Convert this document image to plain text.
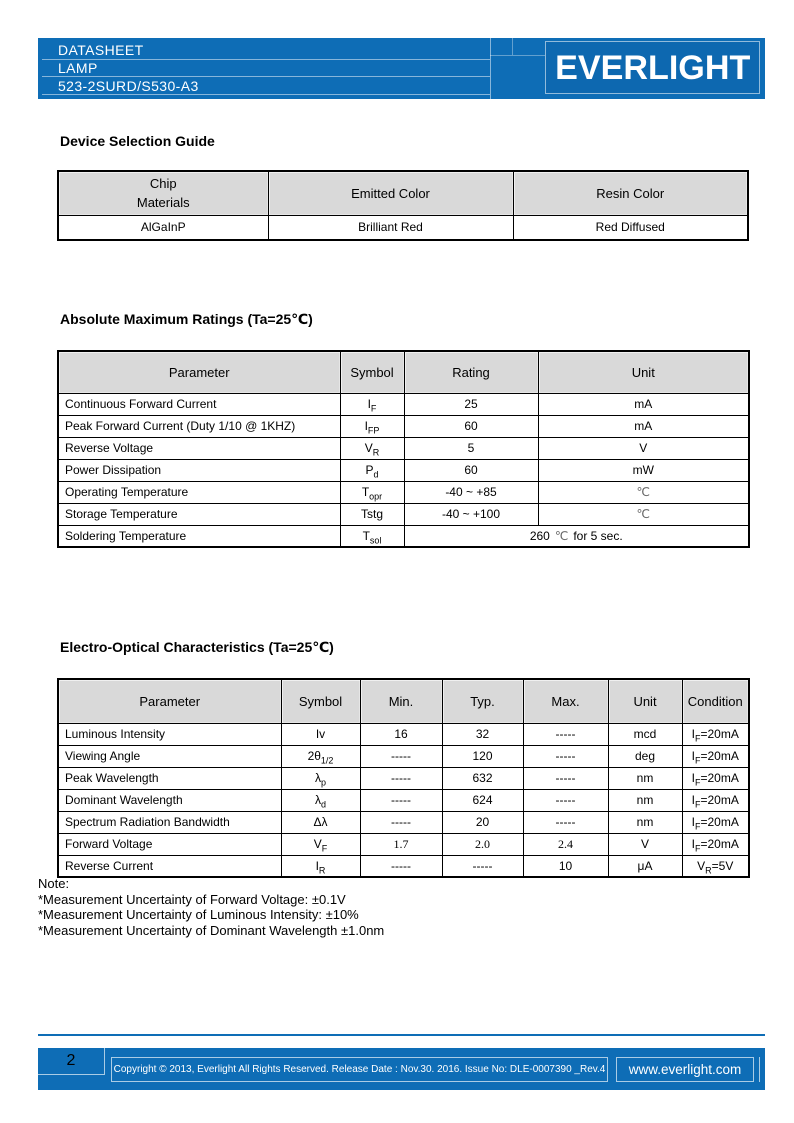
DATASHEET
LAMP
523-2SURD/S530-A3	EVERLIGHT
Device Selection Guide
Chip
Materials	Emitted Color	Resin Color
AlGaInP	Brilliant Red	Red Diffused
Absolute Maximum Ratings (Ta=25℃)
Parameter	Symbol	Rating	Unit
Continuous Forward Current	$I_F$	25	mA
Peak Forward Current (Duty 1/10 @ 1KHZ)	$I_{FP}$	60	mA
Reverse Voltage	$V_R$	5	V
Power Dissipation	$P_d$	60	mW
Operating Temperature	$T_{opr}$	-40 ~ +85	℃
Storage Temperature	Tstg	-40 ~ +100	℃
Soldering Temperature	$T_{sol}$	260 ℃ for 5 sec.	
Electro-Optical Characteristics (Ta=25℃)
Parameter	Symbol	Min.	Typ.	Max.	Unit	Condition
Luminous Intensity	Iv	16	32	-----	mcd	$I_F=20mA$
Viewing Angle	$2\theta_{1/2}$	-----	120	-----	deg	$I_F=20mA$
Peak Wavelength	$\lambda_p$	-----	632	-----	nm	$I_F=20mA$
Dominant Wavelength	$\lambda_d$	-----	624	-----	nm	$I_F=20mA$
Spectrum Radiation Bandwidth	Δλ	-----	20	-----	nm	$I_F=20mA$
Forward Voltage	$V_F$	1.7	2.0	2.4	V	$I_F=20mA$
Reverse Current	$I_R$	-----	-----	10	μA	$V_R=5V$
Note:
*Measurement Uncertainty of Forward Voltage: ±0.1V
*Measurement Uncertainty of Luminous Intensity: ±10%
*Measurement Uncertainty of Dominant Wavelength ±1.0nm
2
Copyright © 2013, Everlight All Rights Reserved. Release Date : Nov.30. 2016. Issue No: DLE-0007390 _Rev.4	www.everlight.com
